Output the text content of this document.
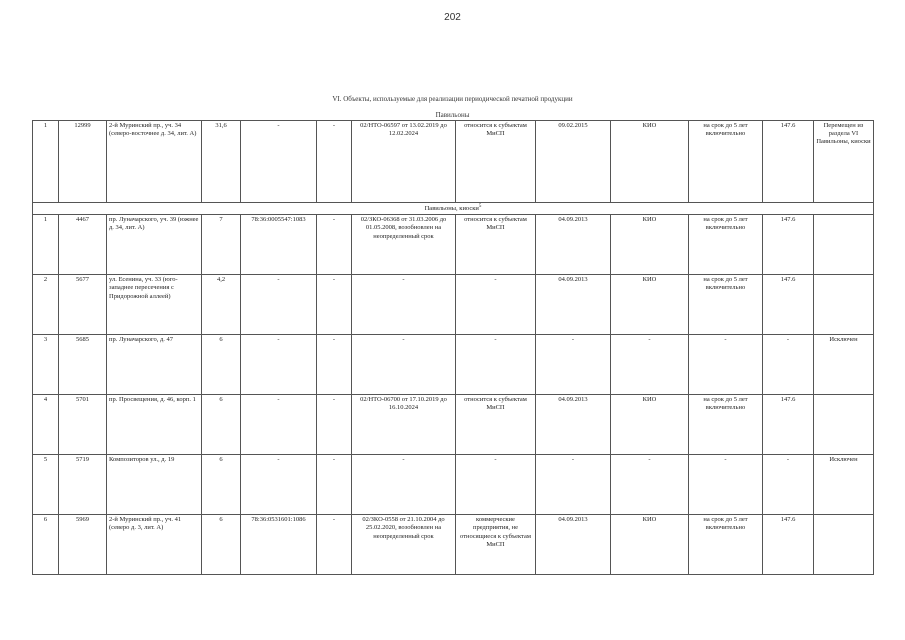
202
VI. Объекты, используемые для реализации периодической печатной продукции
Павильоны
1	12999	2-й Муринский пр., уч. 34 (северо-восточнее д. 34, лит. А)	31,6	-	-	02/НТО-06597 от 13.02.2019 до 12.02.2024	относится к субъектам МиСП	09.02.2015	КИО	на срок до 5 лет включительно	147.6	Перемещен из раздела VI Павильоны, киоски
Павильоны, киоски$^5$
1	4467	пр. Луначарского, уч. 39 (южнее д. 34, лит. А)	7	78:36:0005547:1083	-	02/ЗКО-06368 от 31.03.2006 до 01.05.2008, возобновлен на неопределенный срок	относится к субъектам МиСП	04.09.2013	КИО	на срок до 5 лет включительно	147.6	
2	5677	ул. Есенина, уч. 33 (юго-западнее пересечения с Придорожной аллеей)	4,2	-	-	-	-	04.09.2013	КИО	на срок до 5 лет включительно	147.6	
3	5685	пр. Луначарского, д. 47	6	-	-	-	-	-	-	-	-	Исключен
4	5701	пр. Просвещения, д. 46, корп. 1	6	-	-	02/НТО-06700 от 17.10.2019 до 16.10.2024	относится к субъектам МиСП	04.09.2013	КИО	на срок до 5 лет включительно	147.6	
5	5719	Композиторов ул., д. 19	6	-	-	-	-	-	-	-	-	Исключен
6	5969	2-й Муринский пр., уч. 41 (северо д. 3, лит. А)	6	78:36:0531601:1086	-	02/ЗКО-0558 от 21.10.2004 до 25.02.2020, возобновлен на неопределенный срок	коммерческие предприятия, не относящиеся к субъектам МиСП	04.09.2013	КИО	на срок до 5 лет включительно	147.6	
